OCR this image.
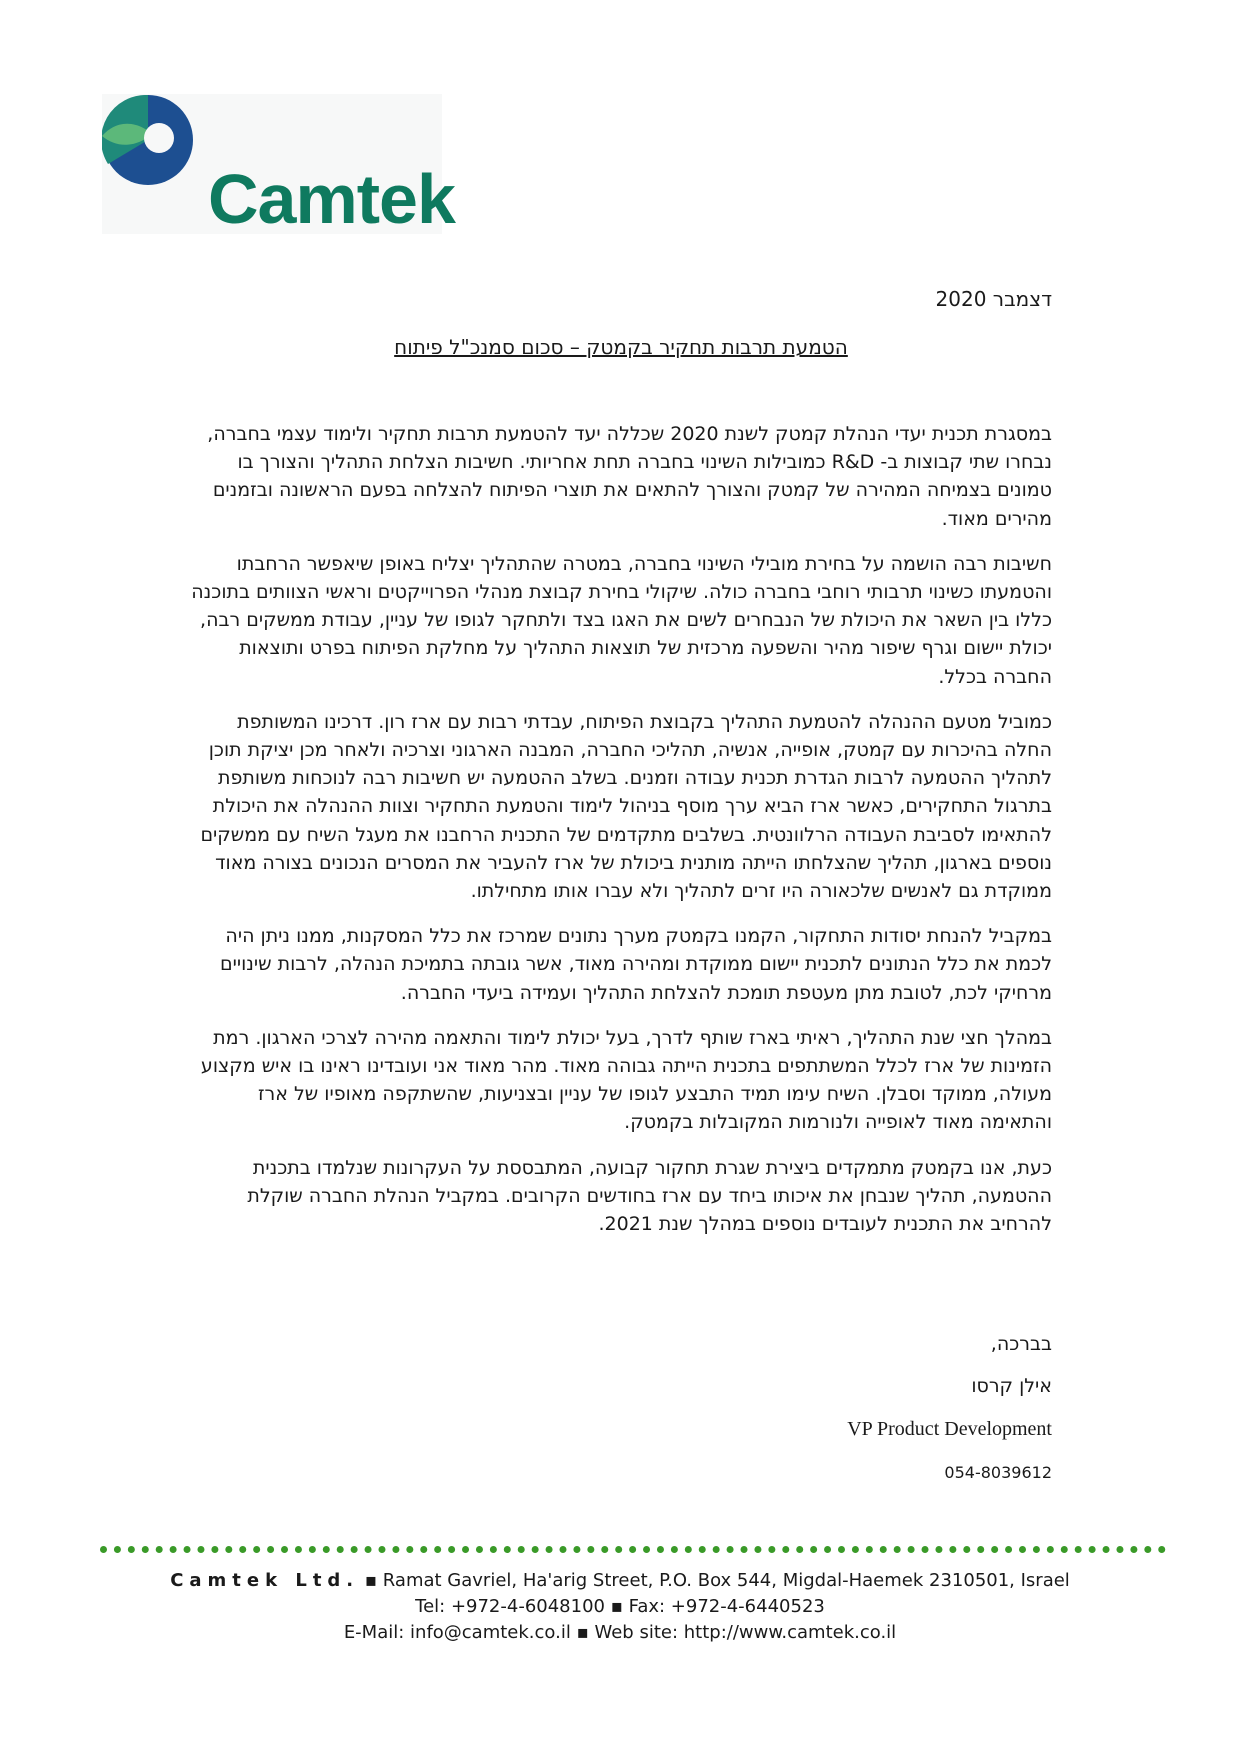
Camtek
דצמבר 2020
הטמעת תרבות תחקיר בקמטק – סכום סמנכ"ל פיתוח

במסגרת תכנית יעדי הנהלת קמטק לשנת 2020 שכללה יעד להטמעת תרבות תחקיר ולימוד עצמי בחברה, נבחרו שתי קבוצות ב- R&D כמובילות השינוי בחברה תחת אחריותי. חשיבות הצלחת התהליך והצורך בו טמונים בצמיחה המהירה של קמטק והצורך להתאים את תוצרי הפיתוח להצלחה בפעם הראשונה ובזמנים מהירים מאוד.

חשיבות רבה הושמה על בחירת מובילי השינוי בחברה, במטרה שהתהליך יצליח באופן שיאפשר הרחבתו והטמעתו כשינוי תרבותי רוחבי בחברה כולה. שיקולי בחירת קבוצת מנהלי הפרוייקטים וראשי הצוותים בתוכנה כללו בין השאר את היכולת של הנבחרים לשים את האגו בצד ולתחקר לגופו של עניין, עבודת ממשקים רבה, יכולת יישום וגרף שיפור מהיר והשפעה מרכזית של תוצאות התהליך על מחלקת הפיתוח בפרט ותוצאות החברה בכלל.

כמוביל מטעם ההנהלה להטמעת התהליך בקבוצת הפיתוח, עבדתי רבות עם ארז רון. דרכינו המשותפת החלה בהיכרות עם קמטק, אופייה, אנשיה, תהליכי החברה, המבנה הארגוני וצרכיה ולאחר מכן יציקת תוכן לתהליך ההטמעה לרבות הגדרת תכנית עבודה וזמנים. בשלב ההטמעה יש חשיבות רבה לנוכחות משותפת בתרגול התחקירים, כאשר ארז הביא ערך מוסף בניהול לימוד והטמעת התחקיר וצוות ההנהלה את היכולת להתאימו לסביבת העבודה הרלוונטית. בשלבים מתקדמים של התכנית הרחבנו את מעגל השיח עם ממשקים נוספים בארגון, תהליך שהצלחתו הייתה מותנית ביכולת של ארז להעביר את המסרים הנכונים בצורה מאוד ממוקדת גם לאנשים שלכאורה היו זרים לתהליך ולא עברו אותו מתחילתו.

במקביל להנחת יסודות התחקור, הקמנו בקמטק מערך נתונים שמרכז את כלל המסקנות, ממנו ניתן היה לכמת את כלל הנתונים לתכנית יישום ממוקדת ומהירה מאוד, אשר גובתה בתמיכת הנהלה, לרבות שינויים מרחיקי לכת, לטובת מתן מעטפת תומכת להצלחת התהליך ועמידה ביעדי החברה.

במהלך חצי שנת התהליך, ראיתי בארז שותף לדרך, בעל יכולת לימוד והתאמה מהירה לצרכי הארגון. רמת הזמינות של ארז לכלל המשתתפים בתכנית הייתה גבוהה מאוד. מהר מאוד אני ועובדינו ראינו בו איש מקצוע מעולה, ממוקד וסבלן. השיח עימו תמיד התבצע לגופו של עניין ובצניעות, שהשתקפה מאופיו של ארז והתאימה מאוד לאופייה ולנורמות המקובלות בקמטק.

כעת, אנו בקמטק מתמקדים ביצירת שגרת תחקור קבועה, המתבססת על העקרונות שנלמדו בתכנית ההטמעה, תהליך שנבחן את איכותו ביחד עם ארז בחודשים הקרובים. במקביל הנהלת החברה שוקלת להרחיב את התכנית לעובדים נוספים במהלך שנת 2021.

בברכה,
אילן קרסו
VP Product Development
054-8039612
Camtek Ltd. ▪ Ramat Gavriel, Ha'arig Street, P.O. Box 544, Migdal-Haemek 2310501, Israel
Tel: +972-4-6048100 ▪ Fax: +972-4-6440523
E-Mail: info@camtek.co.il ▪ Web site: http://www.camtek.co.il
